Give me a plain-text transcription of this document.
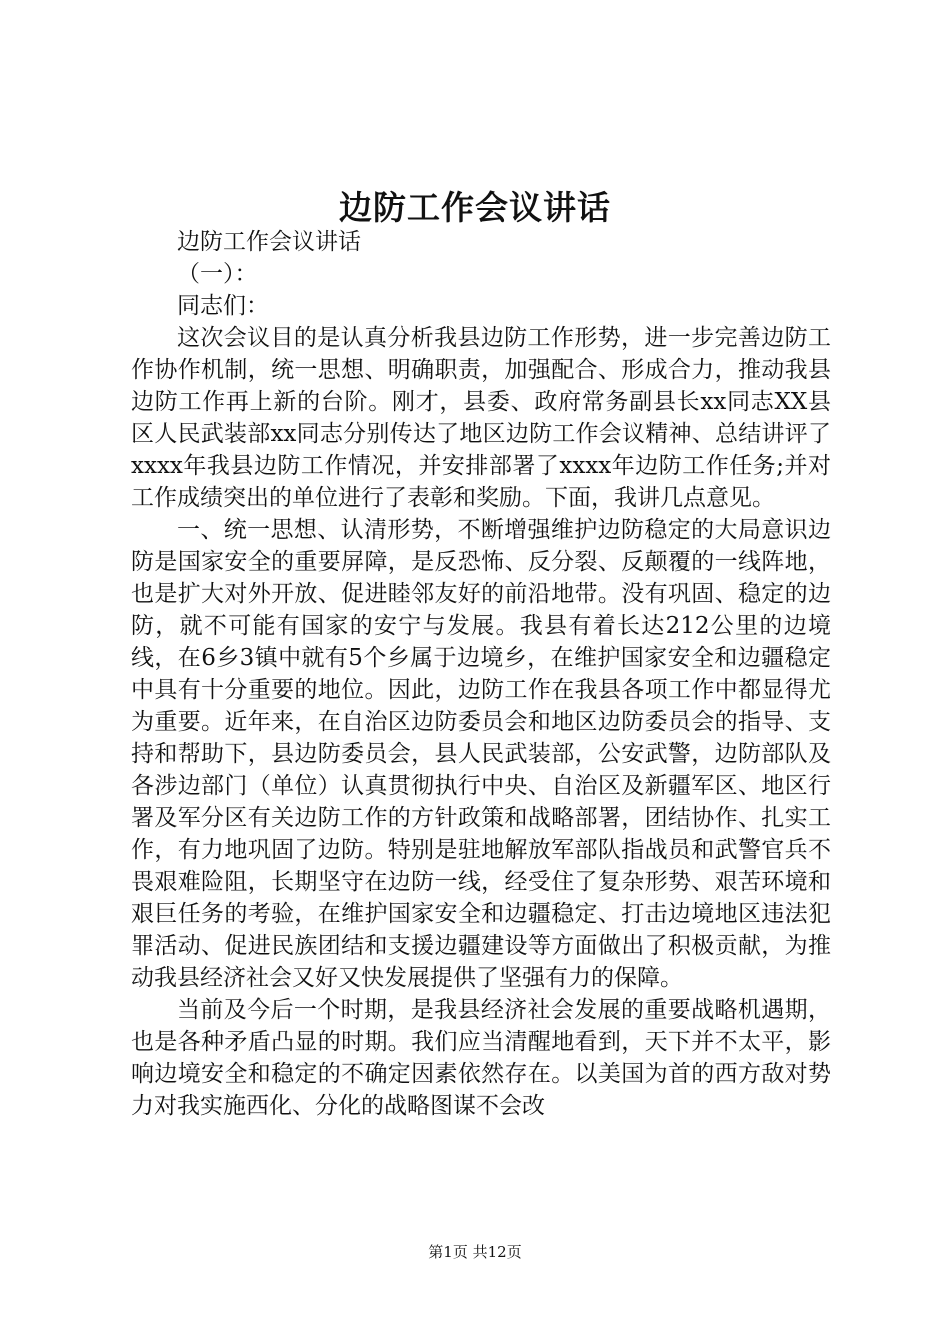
边防工作会议讲话

边防工作会议讲话

（一）：

同志们：

这次会议目的是认真分析我县边防工作形势，进一步完善边防工作协作机制，统一思想、明确职责，加强配合、形成合力，推动我县边防工作再上新的台阶。刚才，县委、政府常务副县长xx同志XX县区人民武装部xx同志分别传达了地区边防工作会议精神、总结讲评了xxxx年我县边防工作情况，并安排部署了xxxx年边防工作任务;并对工作成绩突出的单位进行了表彰和奖励。下面，我讲几点意见。

一、统一思想、认清形势，不断增强维护边防稳定的大局意识边防是国家安全的重要屏障，是反恐怖、反分裂、反颠覆的一线阵地，也是扩大对外开放、促进睦邻友好的前沿地带。没有巩固、稳定的边防，就不可能有国家的安宁与发展。我县有着长达212公里的边境线，在6乡3镇中就有5个乡属于边境乡，在维护国家安全和边疆稳定中具有十分重要的地位。因此，边防工作在我县各项工作中都显得尤为重要。近年来，在自治区边防委员会和地区边防委员会的指导、支持和帮助下，县边防委员会，县人民武装部，公安武警，边防部队及各涉边部门（单位）认真贯彻执行中央、自治区及新疆军区、地区行署及军分区有关边防工作的方针政策和战略部署，团结协作、扎实工作，有力地巩固了边防。特别是驻地解放军部队指战员和武警官兵不畏艰难险阻，长期坚守在边防一线，经受住了复杂形势、艰苦环境和艰巨任务的考验，在维护国家安全和边疆稳定、打击边境地区违法犯罪活动、促进民族团结和支援边疆建设等方面做出了积极贡献，为推动我县经济社会又好又快发展提供了坚强有力的保障。

当前及今后一个时期，是我县经济社会发展的重要战略机遇期，也是各种矛盾凸显的时期。我们应当清醒地看到，天下并不太平，影响边境安全和稳定的不确定因素依然存在。以美国为首的西方敌对势力对我实施西化、分化的战略图谋不会改

第1页 共12页
